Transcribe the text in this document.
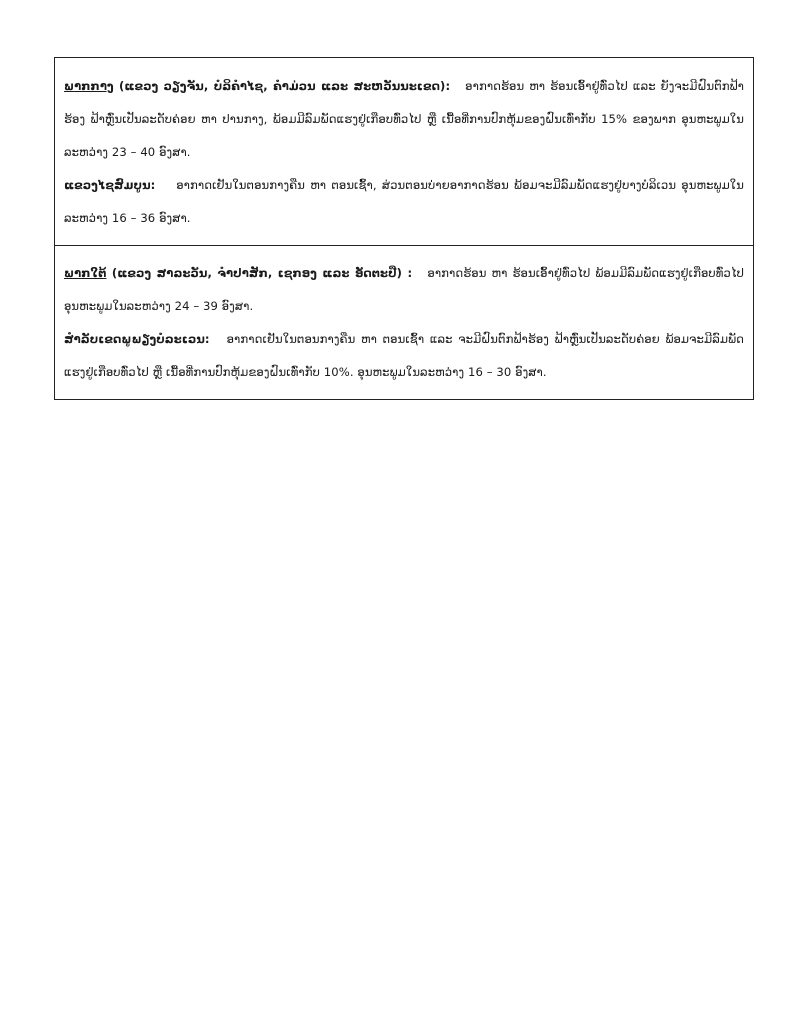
ພາກກາງ (ແຂວງ ວຽງຈັນ, ບໍລິຄຳໄຊ, ຄຳມ່ວນ ແລະ ສະຫວັນນະເຂດ): ອາກາດຮ້ອນ ຫາ ຮ້ອນເອົ້າຢູ່ທົ່ວໄປ ແລະ ຍັງຈະມີຝົນຕົກຟ້າຮ້ອງ ຟ້າຫຼົ່ນເປັນລະດັບຄ່ອຍ ຫາ ປານກາງ, ພ້ອມມີລົມພັດແຮງຢູ່ເກືອບທົ່ວໄປ ຫຼື ເນື້ອທີ່ການປົກຫຸ້ມຂອງຝົນເທົ່າກັບ 15% ຂອງພາກ ອຸນຫະພູມໃນລະຫວ່າງ 23 – 40 ອົງສາ.

ແຂວງໄຊສົມບູນ: ອາກາດເຢັນໃນຕອນກາງຄືນ ຫາ ຕອນເຊົ້າ, ສ່ວນຕອນບ່າຍອາກາດຮ້ອນ ພ້ອມຈະມີລົມພັດແຮງຢູ່ບາງບໍລິເວນ ອຸນຫະພູມໃນລະຫວ່າງ 16 – 36 ອົງສາ.

ພາກໃຕ້ (ແຂວງ ສາລະວັນ, ຈຳປາສັກ, ເຊກອງ ແລະ ອັດຕະປື) : ອາກາດຮ້ອນ ຫາ ຮ້ອນເອົ້າຢູ່ທົ່ວໄປ ພ້ອມມີລົມພັດແຮງຢູ່ເກືອບທົ່ວໄປ ອຸນຫະພູມໃນລະຫວ່າງ 24 – 39 ອົງສາ.

ສຳລັບເຂດພູພຽງບໍລະເວນ: ອາກາດເຢັນໃນຕອນກາງຄືນ ຫາ ຕອນເຊົ້າ ແລະ ຈະມີຝົນຕົກຟ້າຮ້ອງ ຟ້າຫຼົ່ນເປັນລະດັບຄ່ອຍ ພ້ອມຈະມີລົມພັດແຮງຢູ່ເກືອບທົ່ວໄປ ຫຼື ເນື້ອທີ່ການປົກຫຸ້ມຂອງຝົນເທົ່າກັບ 10%. ອຸນຫະພູມໃນລະຫວ່າງ 16 – 30 ອົງສາ.
